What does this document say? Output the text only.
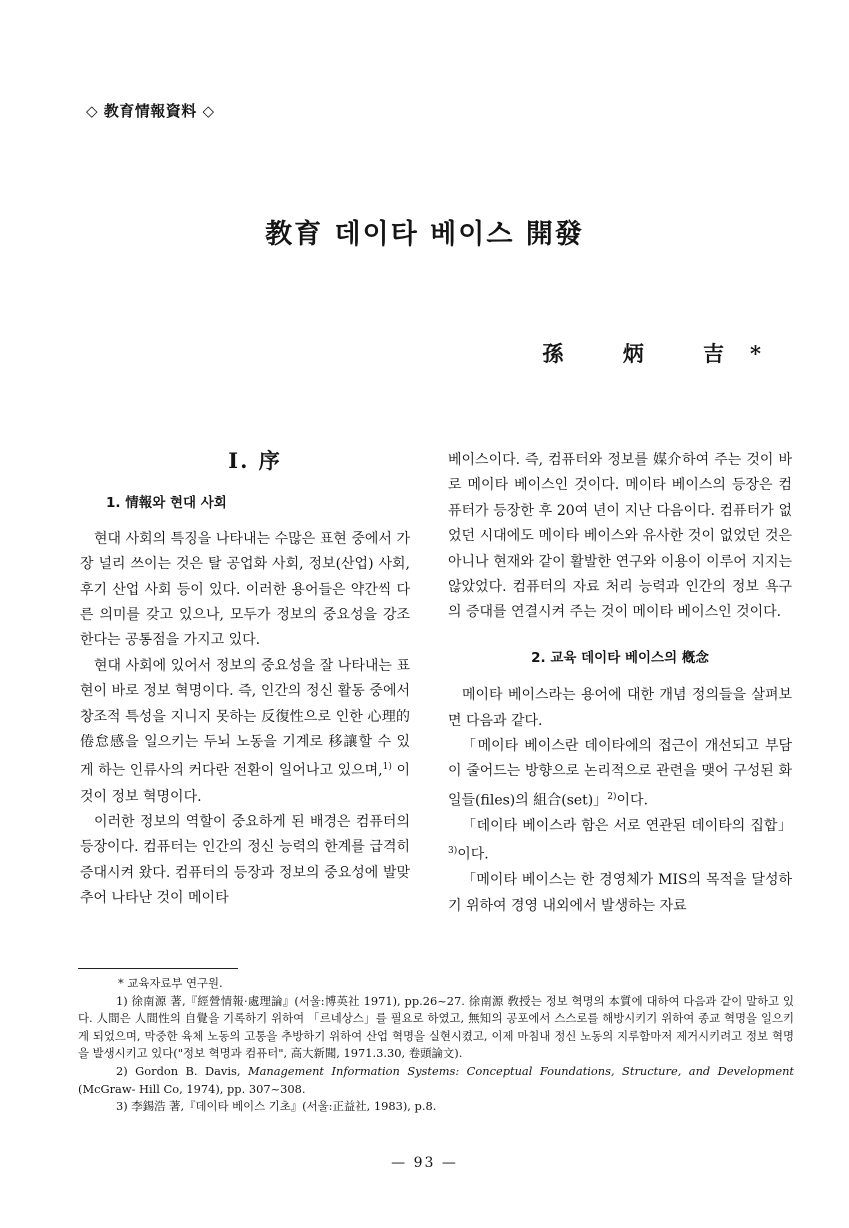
◇ 教育情報資料 ◇
教育 데이타 베이스 開發
孫 炳 吉*
Ⅰ. 序
1. 情報와 현대 사회

현대 사회의 특징을 나타내는 수많은 표현 중에서 가장 널리 쓰이는 것은 탈 공업화 사회, 정보(산업) 사회, 후기 산업 사회 등이 있다. 이러한 용어들은 약간씩 다른 의미를 갖고 있으나, 모두가 정보의 중요성을 강조한다는 공통점을 가지고 있다.

현대 사회에 있어서 정보의 중요성을 잘 나타내는 표현이 바로 정보 혁명이다. 즉, 인간의 정신 활동 중에서 창조적 특성을 지니지 못하는 反復性으로 인한 心理的 倦怠感을 일으키는 두뇌 노동을 기계로 移讓할 수 있게 하는 인류사의 커다란 전환이 일어나고 있으며,$^{1)}$ 이것이 정보 혁명이다.

이러한 정보의 역할이 중요하게 된 배경은 컴퓨터의 등장이다. 컴퓨터는 인간의 정신 능력의 한계를 급격히 증대시켜 왔다. 컴퓨터의 등장과 정보의 중요성에 발맞추어 나타난 것이 메이타

베이스이다. 즉, 컴퓨터와 정보를 媒介하여 주는 것이 바로 메이타 베이스인 것이다. 메이타 베이스의 등장은 컴퓨터가 등장한 후 20여 년이 지난 다음이다. 컴퓨터가 없었던 시대에도 메이타 베이스와 유사한 것이 없었던 것은 아니나 현재와 같이 활발한 연구와 이용이 이루어 지지는 않았었다. 컴퓨터의 자료 처리 능력과 인간의 정보 욕구의 증대를 연결시켜 주는 것이 메이타 베이스인 것이다.

2. 교육 데이타 베이스의 槪念

메이타 베이스라는 용어에 대한 개념 정의들을 살펴보면 다음과 같다.

「메이타 베이스란 데이타에의 접근이 개선되고 부담이 줄어드는 방향으로 논리적으로 관련을 맺어 구성된 화일들(files)의 組合(set)」$^{2)}$이다.

「데이타 베이스라 함은 서로 연관된 데이타의 집합」$^{3)}$이다.

「메이타 베이스는 한 경영체가 MIS의 목적을 달성하기 위하여 경영 내외에서 발생하는 자료

* 교육자료부 연구원.
1) 徐南源 著,『經營情報·處理論』(서울:博英社 1971), pp.26~27. 徐南源 敎授는 정보 혁명의 本質에 대하여 다음과 같이 말하고 있다. 人間은 人間性의 自覺을 기록하기 위하여 「르네상스」를 필요로 하였고, 無知의 공포에서 스스로를 해방시키기 위하여 종교 혁명을 일으키게 되었으며, 막중한 육체 노동의 고통을 추방하기 위하여 산업 혁명을 실현시켰고, 이제 마침내 정신 노동의 지루함마저 제거시키려고 정보 혁명을 발생시키고 있다("정보 혁명과 컴퓨터", 高大新聞, 1971.3.30, 卷頭論文).
2) Gordon B. Davis, Management Information Systems: Conceptual Foundations, Structure, and Development (McGraw- Hill Co, 1974), pp. 307~308.
3) 李錫浩 著,『데이타 베이스 기초』(서울:正益社, 1983), p.8.
— 93 —
